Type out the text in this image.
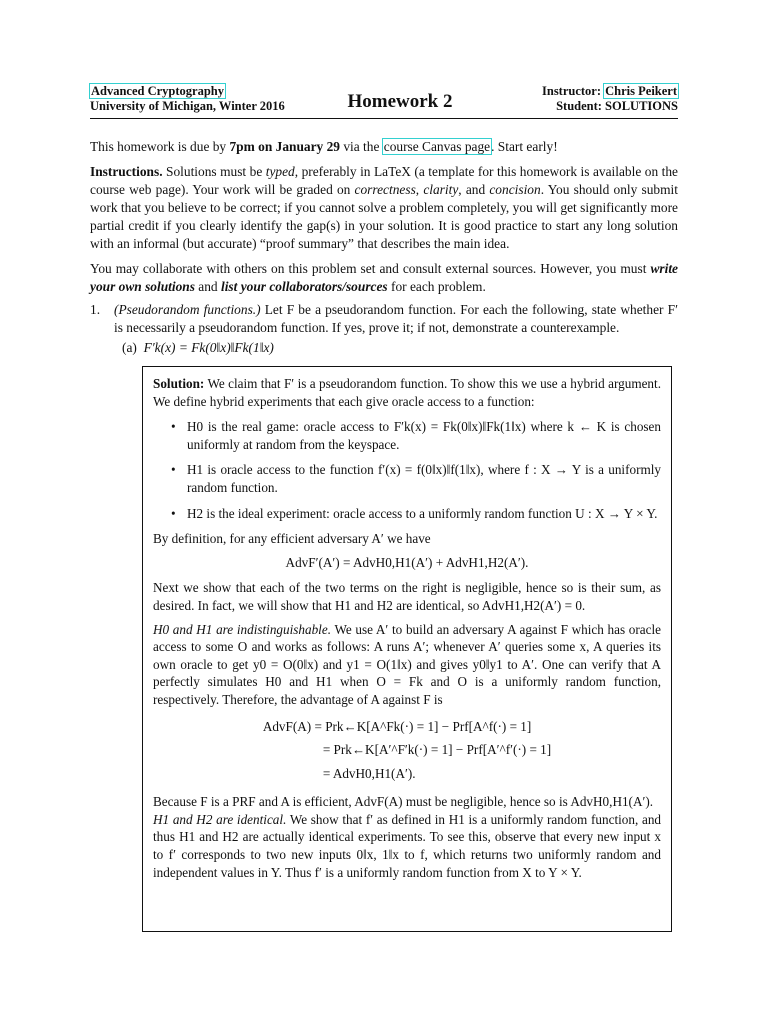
Advanced Cryptography
University of Michigan, Winter 2016	Homework 2	Instructor: Chris Peikert
Student: SOLUTIONS

This homework is due by 7pm on January 29 via the course Canvas page. Start early!

Instructions. Solutions must be typed, preferably in LaTeX (a template for this homework is available on the course web page). Your work will be graded on correctness, clarity, and concision. You should only submit work that you believe to be correct; if you cannot solve a problem completely, you will get significantly more partial credit if you clearly identify the gap(s) in your solution. It is good practice to start any long solution with an informal (but accurate) “proof summary” that describes the main idea.

You may collaborate with others on this problem set and consult external sources. However, you must write your own solutions and list your collaborators/sources for each problem.

1. (Pseudorandom functions.) Let F be a pseudorandom function. For each the following, state whether F′ is necessarily a pseudorandom function. If yes, prove it; if not, demonstrate a counterexample.

(a) F′k(x) = Fk(0‖x)‖Fk(1‖x)

Solution: We claim that F′ is a pseudorandom function. To show this we use a hybrid argument. We define hybrid experiments that each give oracle access to a function:

• H0 is the real game: oracle access to F′k(x) = Fk(0‖x)‖Fk(1‖x) where k ← K is chosen uniformly at random from the keyspace.
• H1 is oracle access to the function f′(x) = f(0‖x)‖f(1‖x), where f : X → Y is a uniformly random function.
• H2 is the ideal experiment: oracle access to a uniformly random function U : X → Y × Y.

By definition, for any efficient adversary A′ we have

AdvF′(A′) = AdvH0,H1(A′) + AdvH1,H2(A′).

Next we show that each of the two terms on the right is negligible, hence so is their sum, as desired. In fact, we will show that H1 and H2 are identical, so AdvH1,H2(A′) = 0.

H0 and H1 are indistinguishable. We use A′ to build an adversary A against F which has oracle access to some O and works as follows: A runs A′; whenever A′ queries some x, A queries its own oracle to get y0 = O(0‖x) and y1 = O(1‖x) and gives y0‖y1 to A′. One can verify that A perfectly simulates H0 and H1 when O = Fk and O is a uniformly random function, respectively. Therefore, the advantage of A against F is

AdvF(A) = Prk←K[A^Fk(·) = 1] − Prf[A^f(·) = 1]
= Prk←K[A′^F′k(·) = 1] − Prf[A′^f′(·) = 1]
= AdvH0,H1(A′).

Because F is a PRF and A is efficient, AdvF(A) must be negligible, hence so is AdvH0,H1(A′).

H1 and H2 are identical. We show that f′ as defined in H1 is a uniformly random function, and thus H1 and H2 are actually identical experiments. To see this, observe that every new input x to f′ corresponds to two new inputs 0‖x, 1‖x to f, which returns two uniformly random and independent values in Y. Thus f′ is a uniformly random function from X to Y × Y.
